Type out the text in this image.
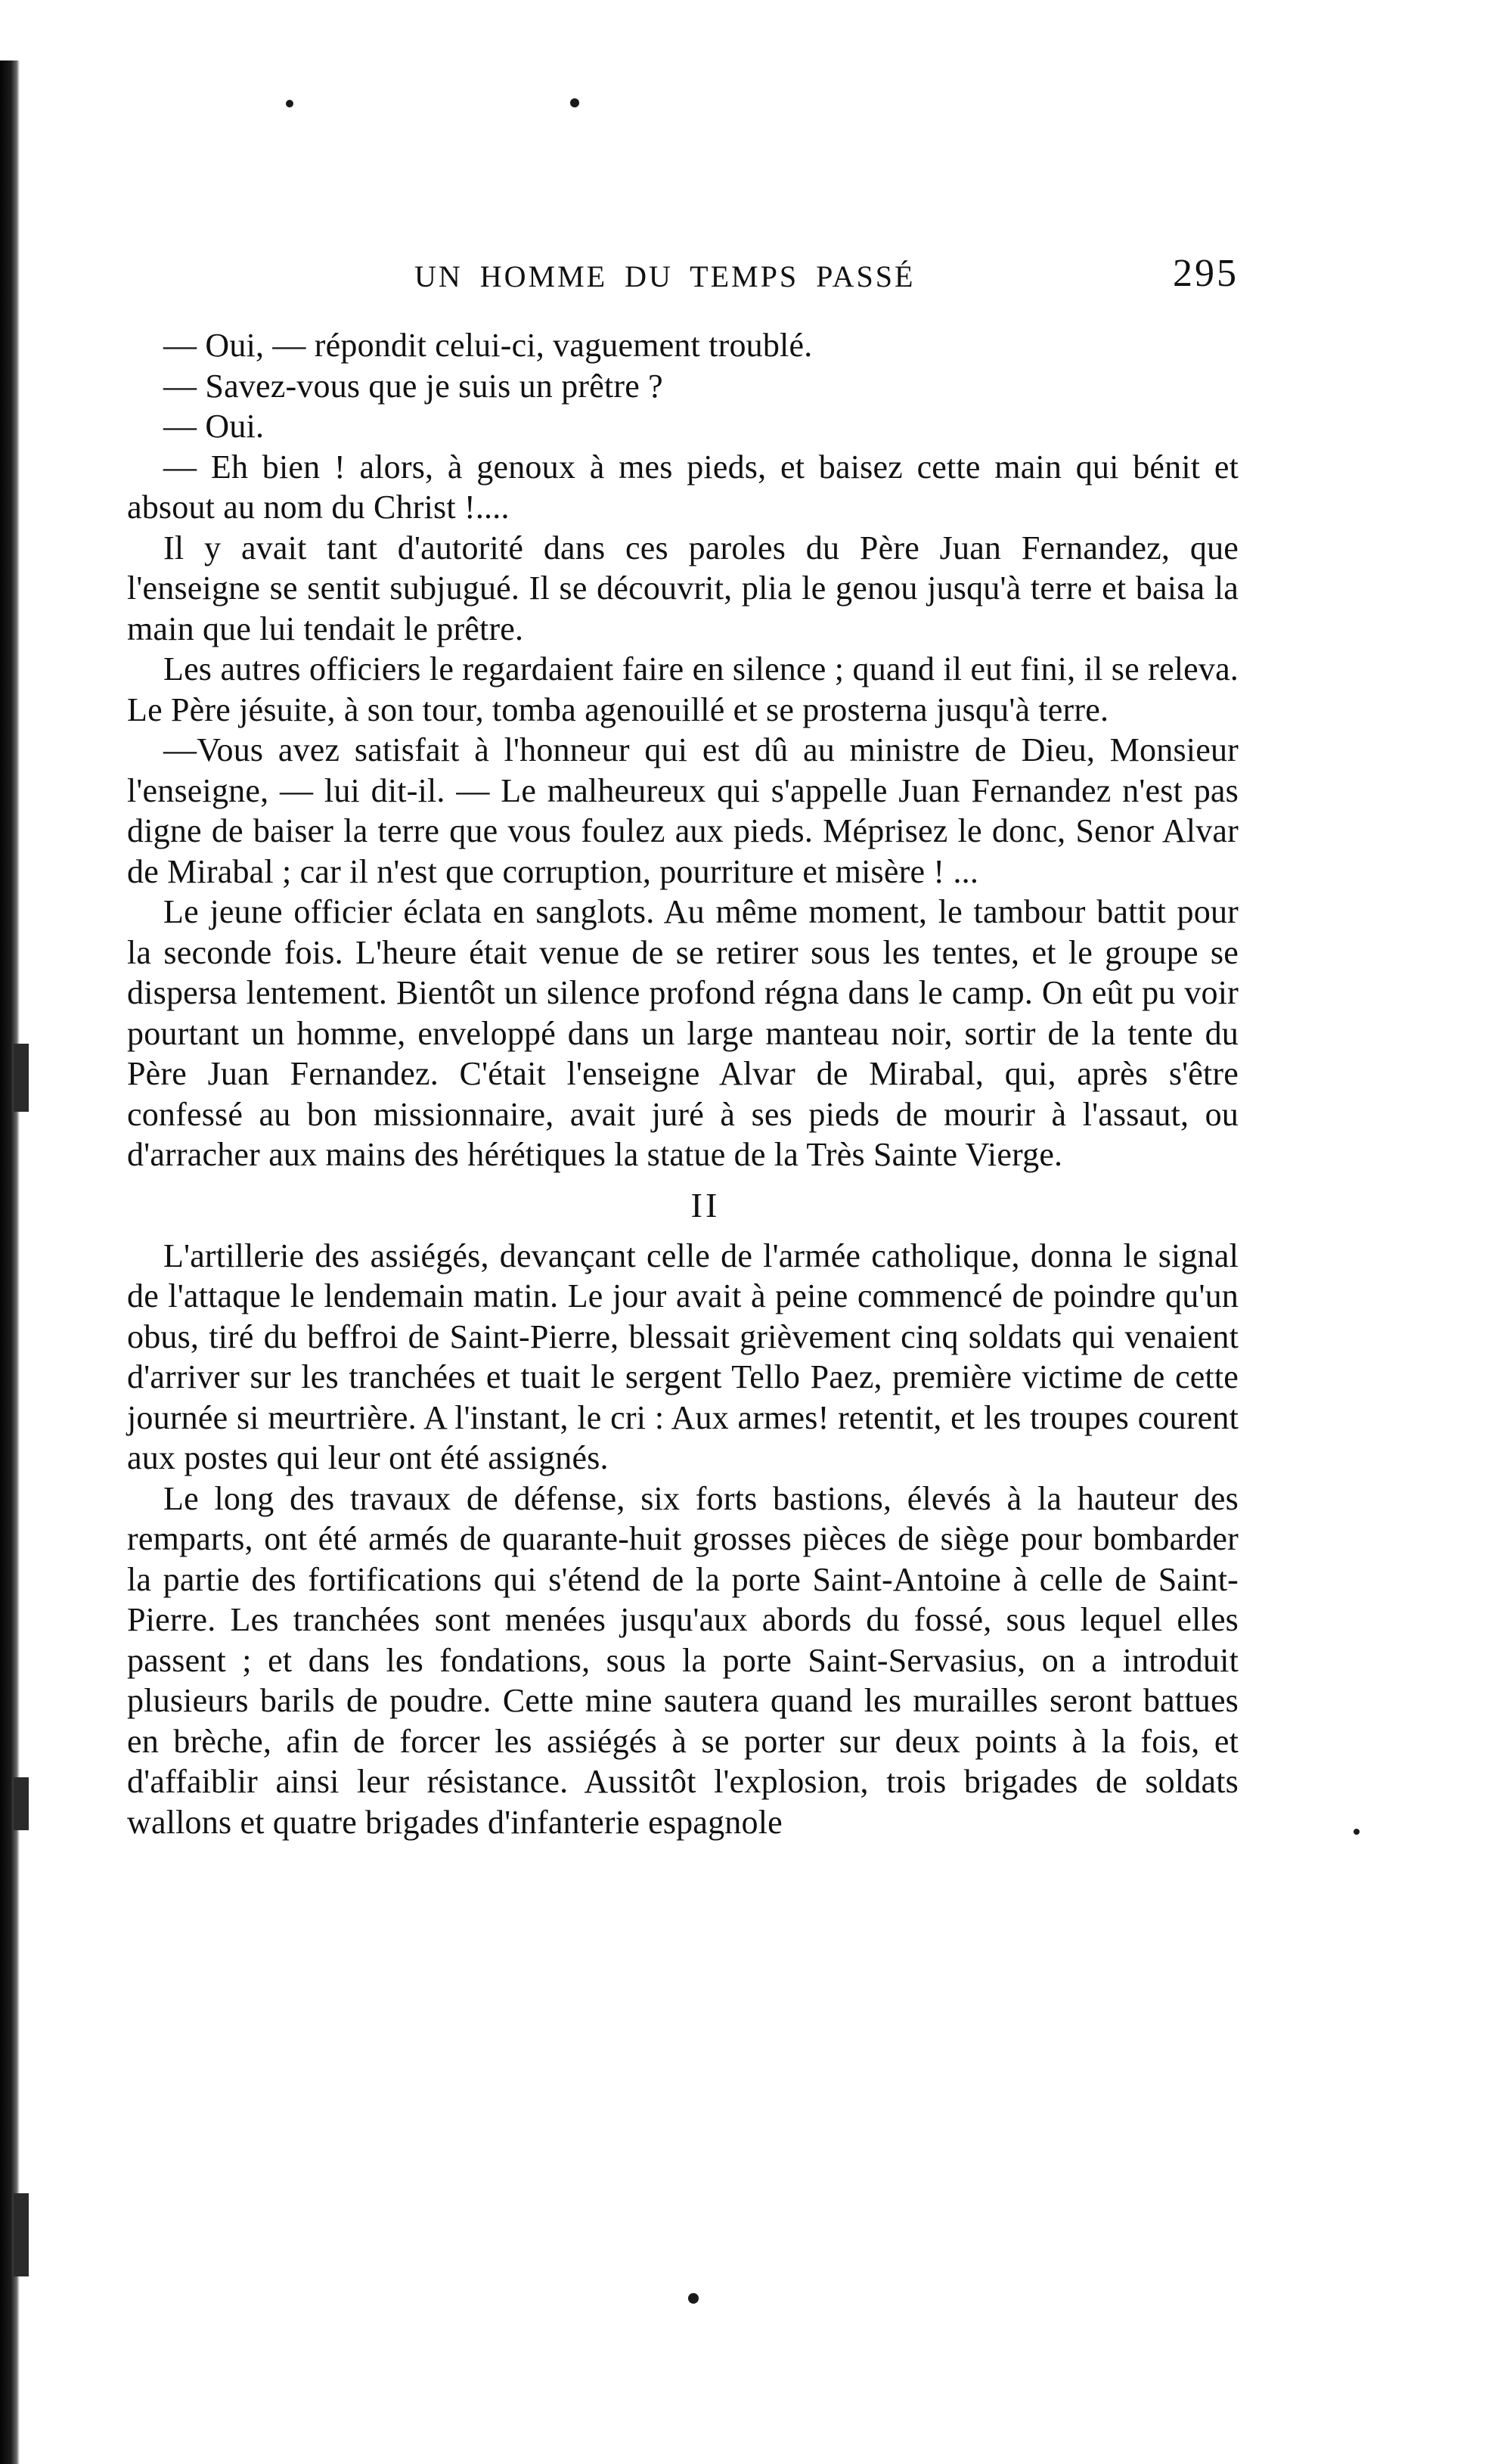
UN HOMME DU TEMPS PASSÉ	295

— Oui, — répondit celui-ci, vaguement troublé.

— Savez-vous que je suis un prêtre ?

— Oui.

— Eh bien ! alors, à genoux à mes pieds, et baisez cette main qui bénit et absout au nom du Christ !....

Il y avait tant d'autorité dans ces paroles du Père Juan Fernandez, que l'enseigne se sentit subjugué. Il se découvrit, plia le genou jusqu'à terre et baisa la main que lui tendait le prêtre.

Les autres officiers le regardaient faire en silence ; quand il eut fini, il se releva. Le Père jésuite, à son tour, tomba agenouillé et se prosterna jusqu'à terre.

—Vous avez satisfait à l'honneur qui est dû au ministre de Dieu, Monsieur l'enseigne, — lui dit-il. — Le malheureux qui s'appelle Juan Fernandez n'est pas digne de baiser la terre que vous foulez aux pieds. Méprisez le donc, Senor Alvar de Mirabal ; car il n'est que corruption, pourriture et misère ! ...

Le jeune officier éclata en sanglots. Au même moment, le tambour battit pour la seconde fois. L'heure était venue de se retirer sous les tentes, et le groupe se dispersa lentement. Bientôt un silence profond régna dans le camp. On eût pu voir pourtant un homme, enveloppé dans un large manteau noir, sortir de la tente du Père Juan Fernandez. C'était l'enseigne Alvar de Mirabal, qui, après s'être confessé au bon missionnaire, avait juré à ses pieds de mourir à l'assaut, ou d'arracher aux mains des hérétiques la statue de la Très Sainte Vierge.

II

L'artillerie des assiégés, devançant celle de l'armée catholique, donna le signal de l'attaque le lendemain matin. Le jour avait à peine commencé de poindre qu'un obus, tiré du beffroi de Saint-Pierre, blessait grièvement cinq soldats qui venaient d'arriver sur les tranchées et tuait le sergent Tello Paez, première victime de cette journée si meurtrière. A l'instant, le cri : Aux armes! retentit, et les troupes courent aux postes qui leur ont été assignés.

Le long des travaux de défense, six forts bastions, élevés à la hauteur des remparts, ont été armés de quarante-huit grosses pièces de siège pour bombarder la partie des fortifications qui s'étend de la porte Saint-Antoine à celle de Saint-Pierre. Les tranchées sont menées jusqu'aux abords du fossé, sous lequel elles passent ; et dans les fondations, sous la porte Saint-Servasius, on a introduit plusieurs barils de poudre. Cette mine sautera quand les murailles seront battues en brèche, afin de forcer les assiégés à se porter sur deux points à la fois, et d'affaiblir ainsi leur résistance. Aussitôt l'explosion, trois brigades de soldats wallons et quatre brigades d'infanterie espagnole
